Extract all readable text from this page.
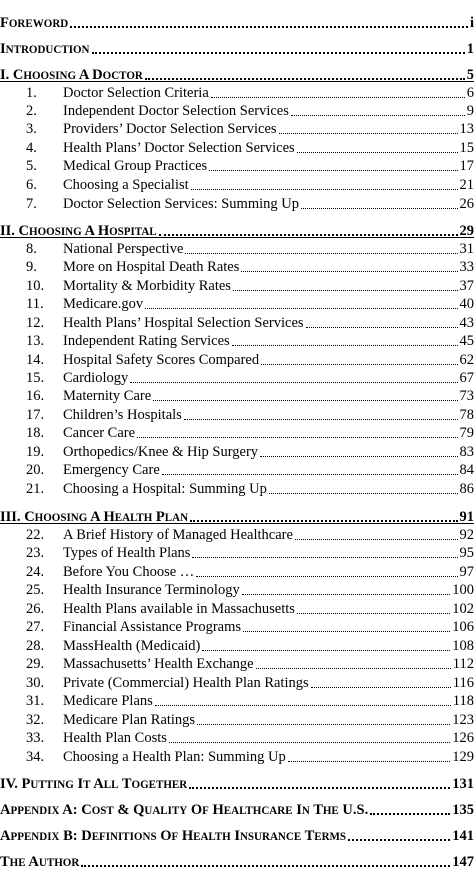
FOREWORD	i
INTRODUCTION	1
I. CHOOSING A DOCTOR	5
1.	Doctor Selection Criteria	6
2.	Independent Doctor Selection Services	9
3.	Providers’ Doctor Selection Services	13
4.	Health Plans’ Doctor Selection Services	15
5.	Medical Group Practices	17
6.	Choosing a Specialist	21
7.	Doctor Selection Services: Summing Up	26
II. CHOOSING A HOSPITAL	29
8.	National Perspective	31
9.	More on Hospital Death Rates	33
10. Mortality & Morbidity Rates	37
11. Medicare.gov	40
12. Health Plans’ Hospital Selection Services	43
13. Independent Rating Services	45
14. Hospital Safety Scores Compared	62
15. Cardiology	67
16. Maternity Care	73
17. Children’s Hospitals	78
18. Cancer Care	79
19. Orthopedics/Knee & Hip Surgery	83
20. Emergency Care	84
21. Choosing a Hospital: Summing Up	86
III. CHOOSING A HEALTH PLAN	91
22. A Brief History of Managed Healthcare	92
23. Types of Health Plans	95
24. Before You Choose …	97
25. Health Insurance Terminology	100
26. Health Plans available in Massachusetts	102
27. Financial Assistance Programs	106
28. MassHealth (Medicaid)	108
29. Massachusetts’ Health Exchange	112
30. Private (Commercial) Health Plan Ratings	116
31. Medicare Plans	118
32. Medicare Plan Ratings	123
33. Health Plan Costs	126
34. Choosing a Health Plan: Summing Up	129
IV. PUTTING IT ALL TOGETHER	131
APPENDIX A: COST & QUALITY OF HEALTHCARE IN THE U.S.	135
APPENDIX B: DEFINITIONS OF HEALTH INSURANCE TERMS	141
THE AUTHOR	147
